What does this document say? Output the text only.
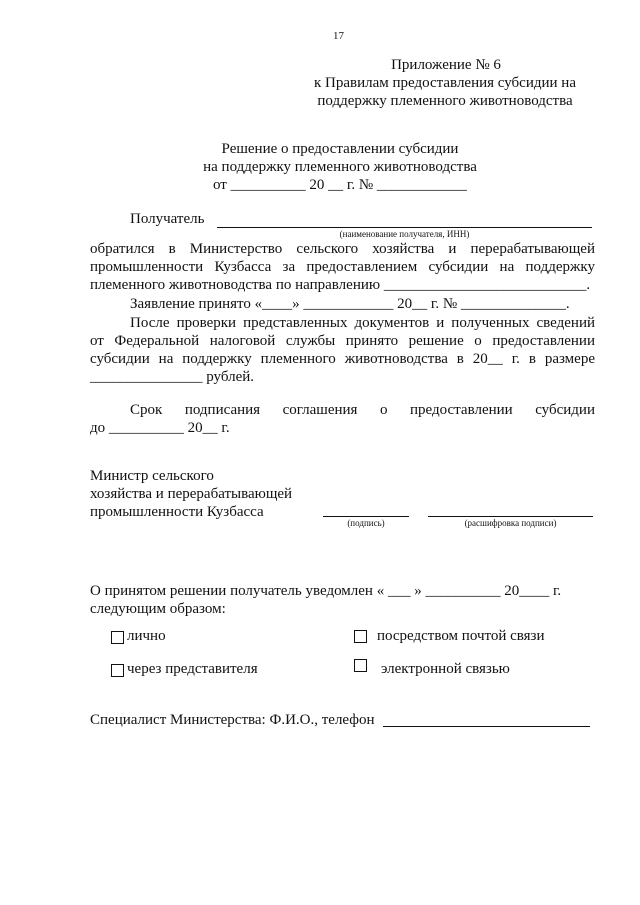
17
Приложение № 6
к Правилам предоставления субсидии на
поддержку племенного животноводства
Решение о предоставлении субсидии
на поддержку племенного животноводства
от __________ 20 __ г. № ____________
Получатель
(наименование получателя, ИНН)
обратился в Министерство сельского хозяйства и перерабатывающей
промышленности Кузбасса за предоставлением субсидии на поддержку
племенного животноводства по направлению ___________________________.
Заявление принято «____» ____________ 20__ г. № ______________.
После проверки представленных документов и полученных сведений
от Федеральной налоговой службы принято решение о предоставлении
субсидии на поддержку племенного животноводства в 20__ г. в размере
_______________ рублей.
Срок подписания соглашения о предоставлении субсидии
до __________ 20__ г.
Министр сельского
хозяйства и перерабатывающей
промышленности Кузбасса
(подпись)	(расшифровка подписи)
О принятом решении получатель уведомлен « ___ » __________ 20____ г.
следующим образом:
лично	посредством почтой связи
через представителя	электронной связью
Специалист Министерства: Ф.И.О., телефон
